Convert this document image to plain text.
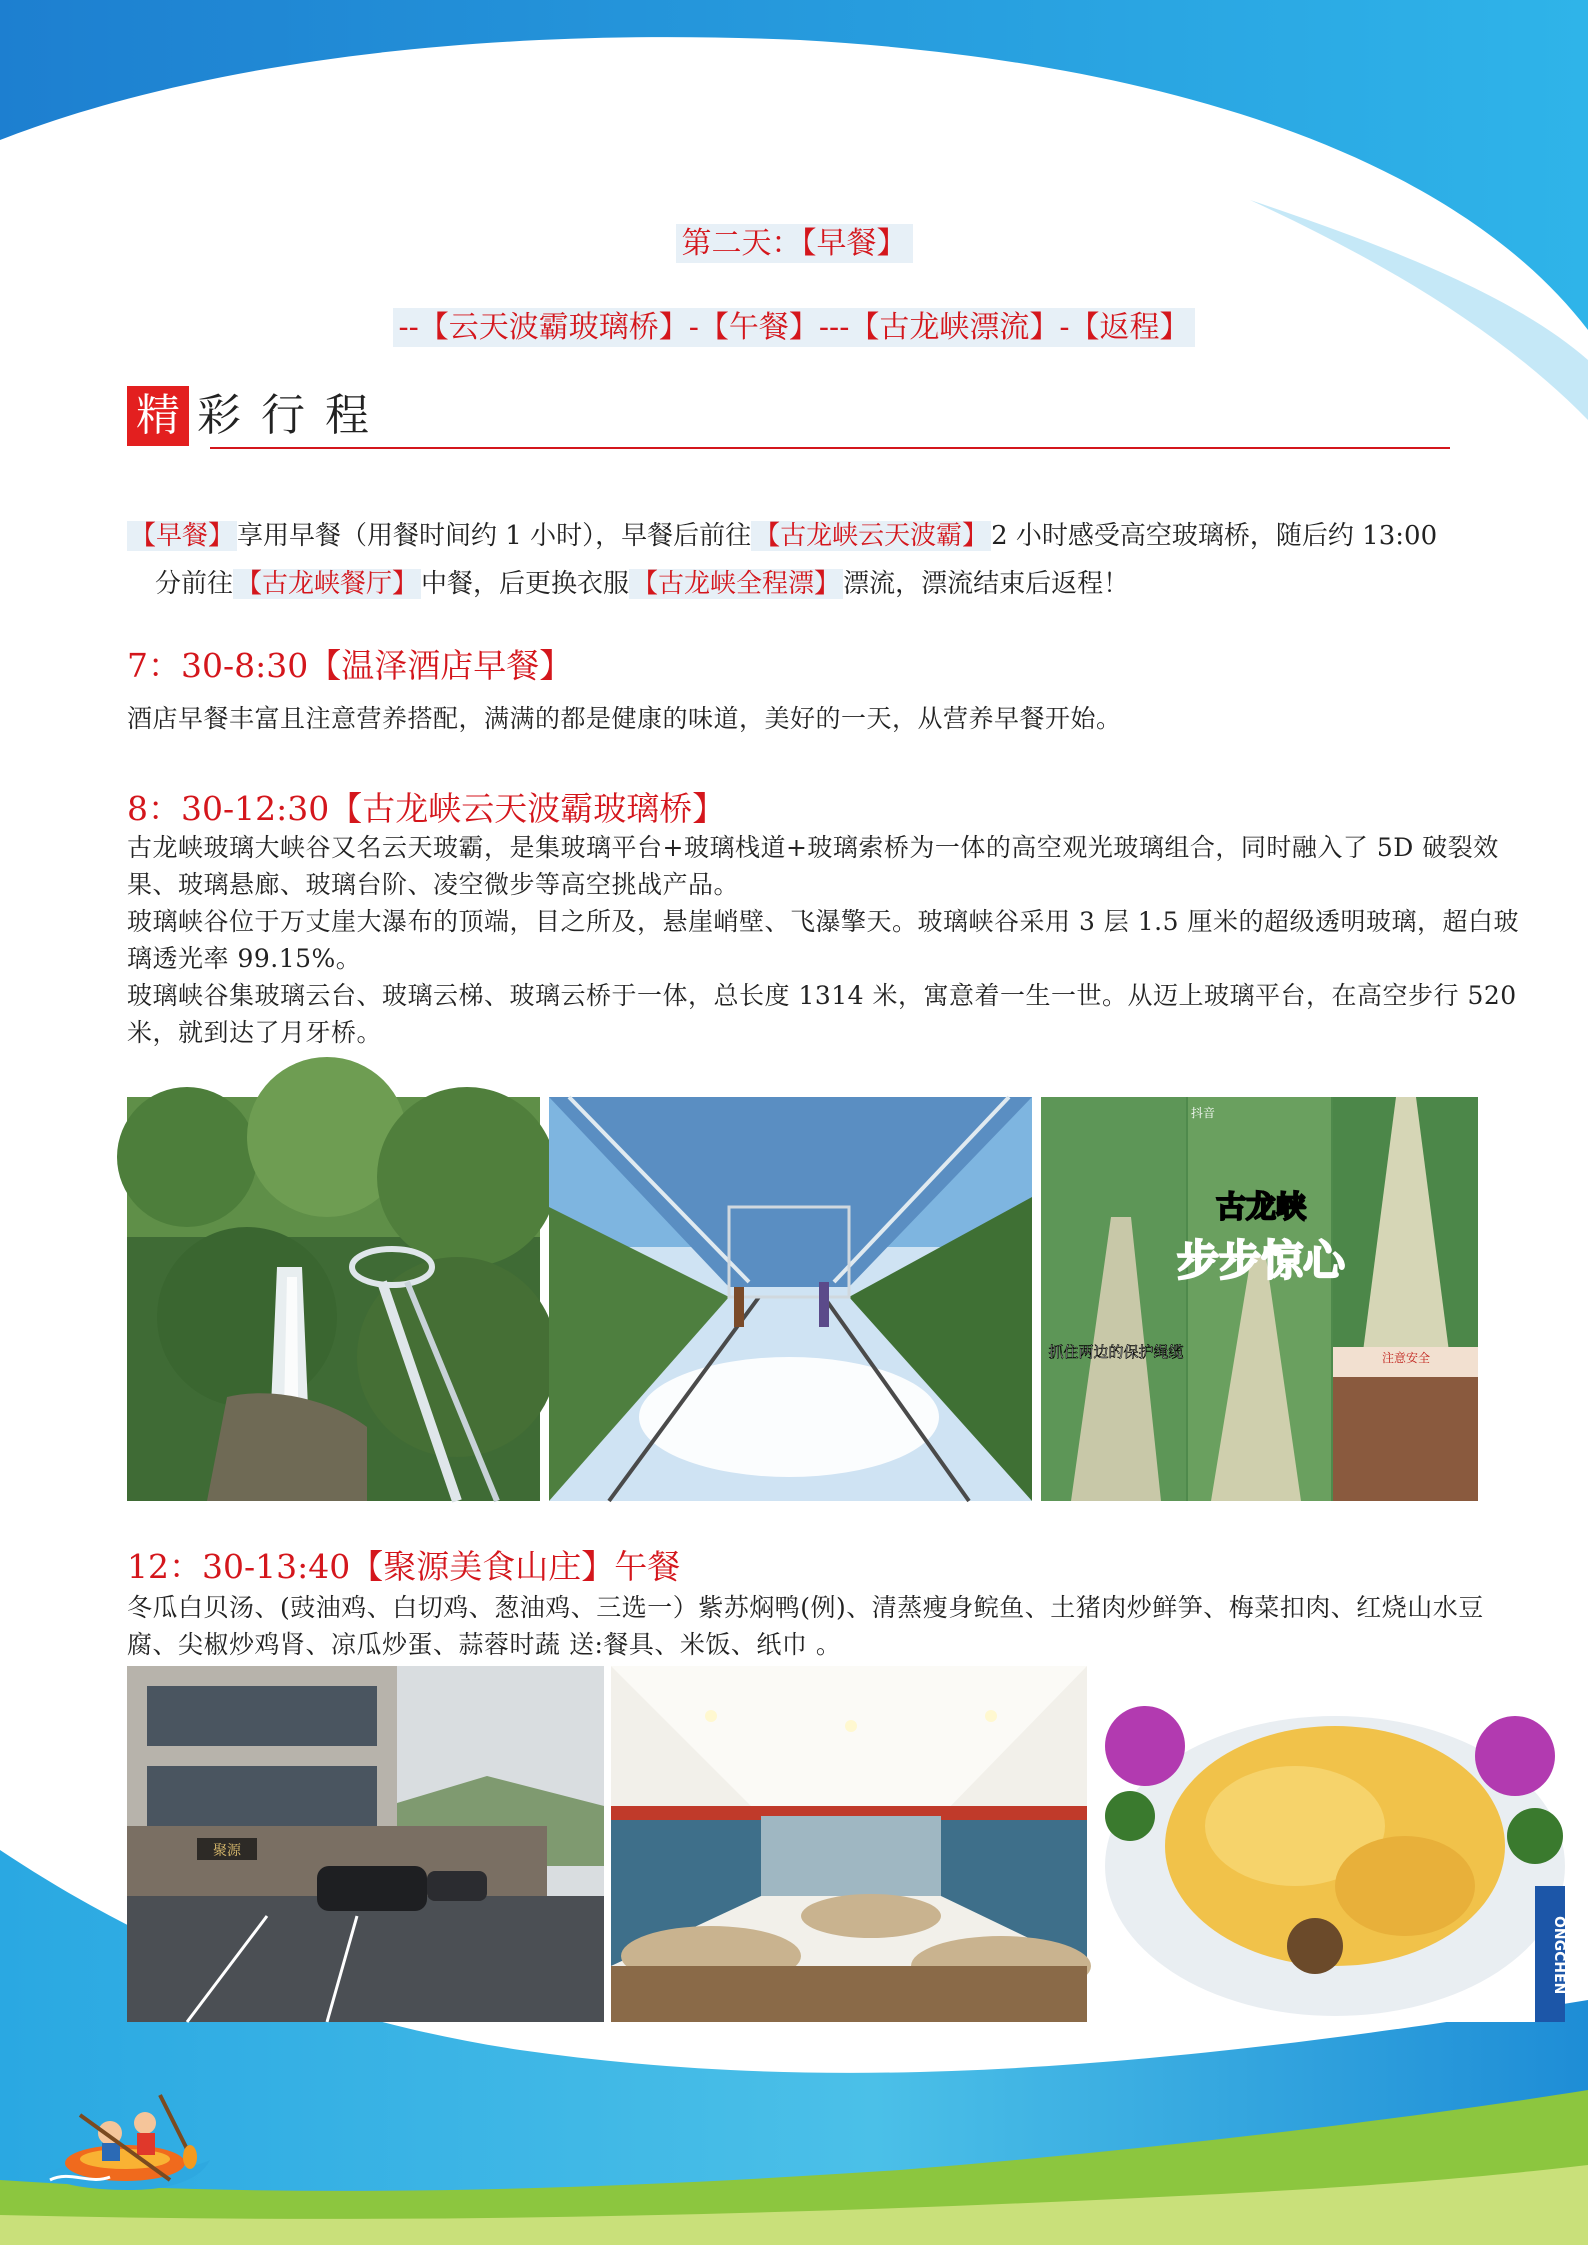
第二天：【早餐】
--【云天波霸玻璃桥】-【午餐】---【古龙峡漂流】-【返程】
精 彩行程
【早餐】 享用早餐（用餐时间约 1 小时），早餐后前往 【古龙峡云天波霸】 2 小时感受高空玻璃桥，随后约 13:00
分前往 【古龙峡餐厅】 中餐，后更换衣服 【古龙峡全程漂】 漂流，漂流结束后返程！
7：30-8:30【温泽酒店早餐】
酒店早餐丰富且注意营养搭配，满满的都是健康的味道，美好的一天，从营养早餐开始。
8：30-12:30【古龙峡云天波霸玻璃桥】
古龙峡玻璃大峡谷又名云天玻霸，是集玻璃平台+玻璃栈道+玻璃索桥为一体的高空观光玻璃组合，同时融入了 5D 破裂效果、玻璃悬廊、玻璃台阶、凌空微步等高空挑战产品。
玻璃峡谷位于万丈崖大瀑布的顶端，目之所及，悬崖峭壁、飞瀑擎天。玻璃峡谷采用 3 层 1.5 厘米的超级透明玻璃，超白玻璃透光率 99.15%。
玻璃峡谷集玻璃云台、玻璃云梯、玻璃云桥于一体，总长度 1314 米，寓意着一生一世。从迈上玻璃平台，在高空步行 520 米，就到达了月牙桥。
古龙峡
步步惊心
抓住两边的保护绳缆
抖音
注意安全
12：30-13:40【聚源美食山庄】午餐
冬瓜白贝汤、(豉油鸡、白切鸡、葱油鸡、三选一）紫苏焖鸭(例)、清蒸瘦身鲩鱼、土猪肉炒鲜笋、梅菜扣肉、红烧山水豆腐、尖椒炒鸡肾、凉瓜炒蛋、蒜蓉时蔬 送:餐具、米饭、纸巾 。
聚源
ONGCHEN
